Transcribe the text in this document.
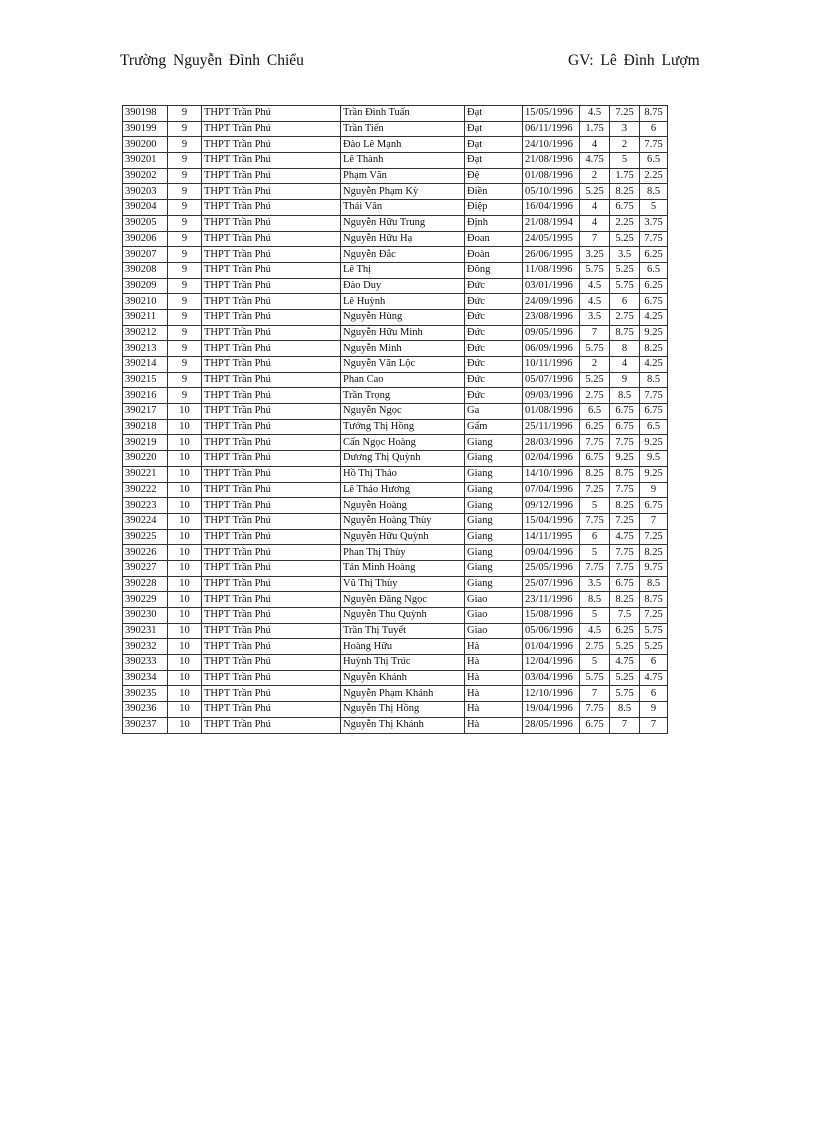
Trường Nguyễn Đình Chiểu	GV: Lê Đình Lượm
390198	9	THPT Trần Phú	Trần Đình Tuấn	Đạt	15/05/1996	4.5	7.25	8.75
390199	9	THPT Trần Phú	Trần Tiến	Đạt	06/11/1996	1.75	3	6
390200	9	THPT Trần Phú	Đào Lê Mạnh	Đạt	24/10/1996	4	2	7.75
390201	9	THPT Trần Phú	Lê Thành	Đạt	21/08/1996	4.75	5	6.5
390202	9	THPT Trần Phú	Phạm Văn	Đệ	01/08/1996	2	1.75	2.25
390203	9	THPT Trần Phú	Nguyễn Phạm Kỳ	Điền	05/10/1996	5.25	8.25	8.5
390204	9	THPT Trần Phú	Thái Văn	Điệp	16/04/1996	4	6.75	5
390205	9	THPT Trần Phú	Nguyễn Hữu Trung	Định	21/08/1994	4	2.25	3.75
390206	9	THPT Trần Phú	Nguyễn Hữu Hạ	Đoan	24/05/1995	7	5.25	7.75
390207	9	THPT Trần Phú	Nguyễn Đắc	Đoàn	26/06/1995	3.25	3.5	6.25
390208	9	THPT Trần Phú	Lê Thị	Đông	11/08/1996	5.75	5.25	6.5
390209	9	THPT Trần Phú	Đào Duy	Đức	03/01/1996	4.5	5.75	6.25
390210	9	THPT Trần Phú	Lê Huỳnh	Đức	24/09/1996	4.5	6	6.75
390211	9	THPT Trần Phú	Nguyễn Hùng	Đức	23/08/1996	3.5	2.75	4.25
390212	9	THPT Trần Phú	Nguyễn Hữu Minh	Đức	09/05/1996	7	8.75	9.25
390213	9	THPT Trần Phú	Nguyễn Minh	Đức	06/09/1996	5.75	8	8.25
390214	9	THPT Trần Phú	Nguyễn Văn Lộc	Đức	10/11/1996	2	4	4.25
390215	9	THPT Trần Phú	Phan Cao	Đức	05/07/1996	5.25	9	8.5
390216	9	THPT Trần Phú	Trần Trọng	Đức	09/03/1996	2.75	8.5	7.75
390217	10	THPT Trần Phú	Nguyễn Ngọc	Ga	01/08/1996	6.5	6.75	6.75
390218	10	THPT Trần Phú	Tưởng Thị Hồng	Gấm	25/11/1996	6.25	6.75	6.5
390219	10	THPT Trần Phú	Cấn Ngọc Hoàng	Giang	28/03/1996	7.75	7.75	9.25
390220	10	THPT Trần Phú	Dương Thị Quỳnh	Giang	02/04/1996	6.75	9.25	9.5
390221	10	THPT Trần Phú	Hồ Thị Thảo	Giang	14/10/1996	8.25	8.75	9.25
390222	10	THPT Trần Phú	Lê Thảo Hương	Giang	07/04/1996	7.25	7.75	9
390223	10	THPT Trần Phú	Nguyễn Hoàng	Giang	09/12/1996	5	8.25	6.75
390224	10	THPT Trần Phú	Nguyễn Hoàng Thùy	Giang	15/04/1996	7.75	7.25	7
390225	10	THPT Trần Phú	Nguyễn Hữu Quỳnh	Giang	14/11/1995	6	4.75	7.25
390226	10	THPT Trần Phú	Phan Thị Thùy	Giang	09/04/1996	5	7.75	8.25
390227	10	THPT Trần Phú	Tán Minh Hoàng	Giang	25/05/1996	7.75	7.75	9.75
390228	10	THPT Trần Phú	Vũ Thị Thùy	Giang	25/07/1996	3.5	6.75	8.5
390229	10	THPT Trần Phú	Nguyễn Đăng Ngọc	Giao	23/11/1996	8.5	8.25	8.75
390230	10	THPT Trần Phú	Nguyễn Thu Quỳnh	Giao	15/08/1996	5	7.5	7.25
390231	10	THPT Trần Phú	Trần Thị Tuyết	Giao	05/06/1996	4.5	6.25	5.75
390232	10	THPT Trần Phú	Hoàng Hữu	Hà	01/04/1996	2.75	5.25	5.25
390233	10	THPT Trần Phú	Huỳnh Thị Trúc	Hà	12/04/1996	5	4.75	6
390234	10	THPT Trần Phú	Nguyễn Khánh	Hà	03/04/1996	5.75	5.25	4.75
390235	10	THPT Trần Phú	Nguyễn Phạm Khánh	Hà	12/10/1996	7	5.75	6
390236	10	THPT Trần Phú	Nguyễn Thị Hồng	Hà	19/04/1996	7.75	8.5	9
390237	10	THPT Trần Phú	Nguyễn Thị Khánh	Hà	28/05/1996	6.75	7	7
